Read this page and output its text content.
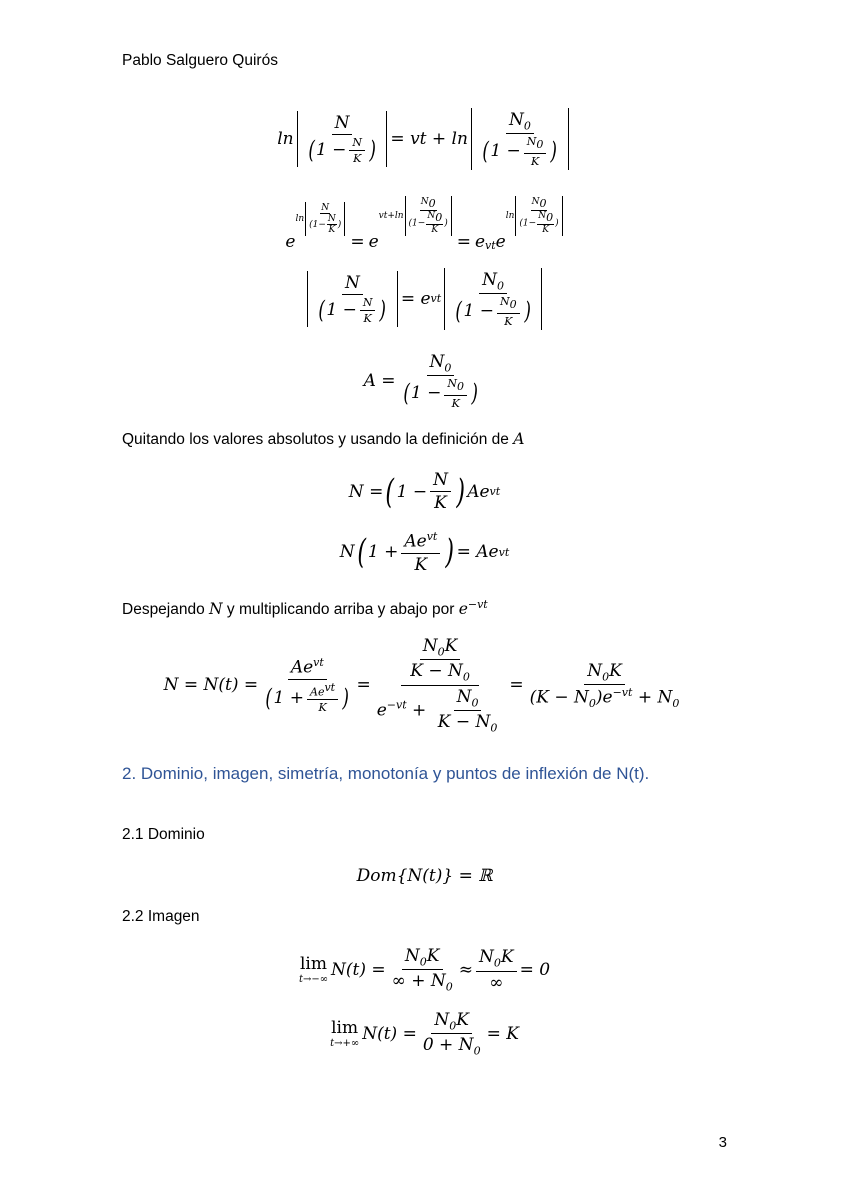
Pablo Salguero Quirós
$\ln \frac{N}{( 1 - \frac{N}{K} )}$ = vt + $\ln \frac{N_0}{( 1 - \frac{N_0}{K} )}$
e
$\ln \frac{N}{(1- \frac{N}{K} )}$
= e
$vt+\ln \frac{N_0}{(1- \frac{N_0}{K} )}$
= $e_{vt}$ e
$\ln \frac{N_0}{(1- \frac{N_0}{K} )}$
$\frac{N}{( 1 - \frac{N}{K} )} = e$ vt $\frac{N_0}{( 1 - \frac{N_0}{K} )}$
$A = \frac{N_0}{( 1 - \frac{N_0}{K} )}$
Quitando los valores absolutos y usando la definición de A
N = ( $1 - \frac{N}{K}$ ) Ae vt
N ( $1 + \frac{Ae^{vt}}{K}$ ) = Ae vt
Despejando N y multiplicando arriba y abajo por $e^{-vt}$
$N = N(t) = \frac{Ae^{vt}}{( 1 + \frac{Ae^{vt}}{K} )} = \frac{\frac{N_0K}{K - N_0}}{e^{-vt} + \frac{N_0}{K - N_0}} = \frac{N_0K}{(K - N_0)e^{-vt} + N_0}$
2. Dominio, imagen, simetría, monotonía y puntos de inflexión de N(t).
2.1 Dominio
Dom{N(t)} = ℝ
2.2 Imagen
lim
t→−∞ $N(t) = \frac{N_0K}{\infty + N_0} \approx \frac{N_0K}{\infty} = 0$
lim
t→+∞ $N(t) = \frac{N_0K}{0 + N_0} = K$
3
